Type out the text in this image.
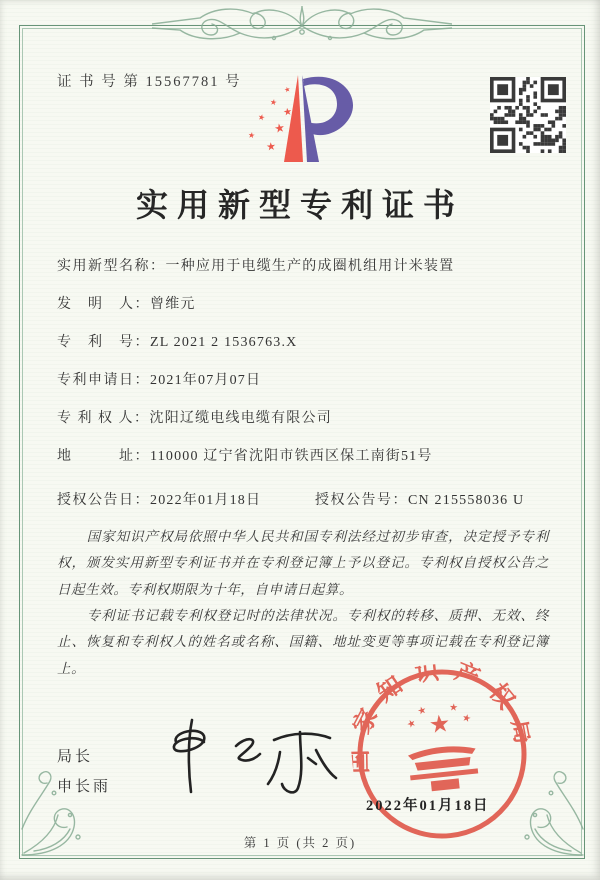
证 书 号 第 15567781 号	★
★
★
★
★
★
★
实用新型专利证书
实用新型名称：一种应用于电缆生产的成圈机组用计米装置
发　明　人：曾维元
专　利　号：ZL 2021 2 1536763.X
专利申请日：2021年07月07日
专 利 权 人：沈阳辽缆电线电缆有限公司
地　　　址：110000 辽宁省沈阳市铁西区保工南街51号
授权公告日：2022年01月18日	授权公告号：CN 215558036 U

国家知识产权局依照中华人民共和国专利法经过初步审查，决定授予专利权，颁发实用新型专利证书并在专利登记簿上予以登记。专利权自授权公告之日起生效。专利权期限为十年，自申请日起算。

专利证书记载专利权登记时的法律状况。专利权的转移、质押、无效、终止、恢复和专利权人的姓名或名称、国籍、地址变更等事项记载在专利登记簿上。

局长
申长雨
国家知识产权局
★
★
★ ★
★
2022年01月18日
第 1 页 (共 2 页)
